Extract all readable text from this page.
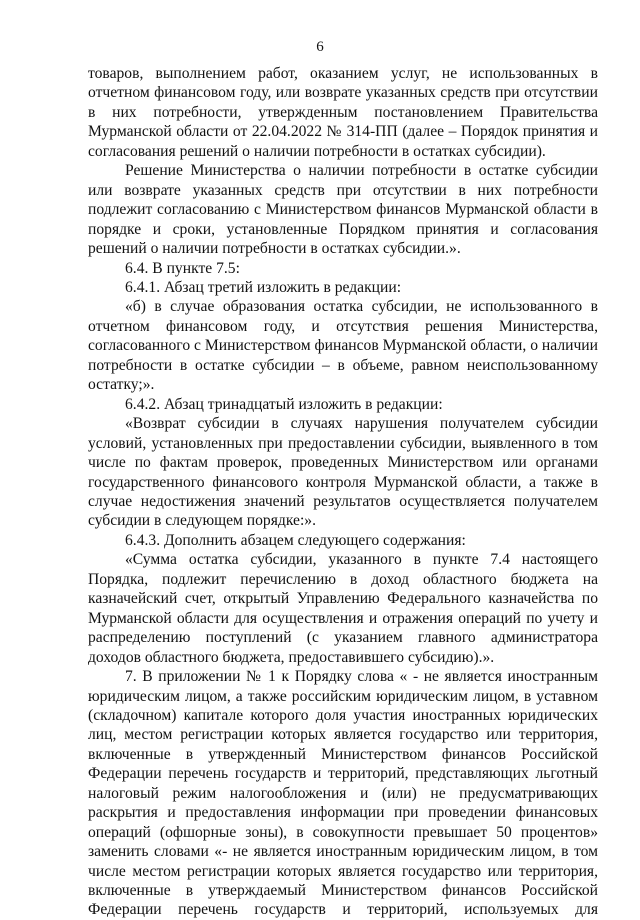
6

товаров, выполнением работ, оказанием услуг, не использованных в отчетном финансовом году, или возврате указанных средств при отсутствии в них потребности, утвержденным постановлением Правительства Мурманской области от 22.04.2022 № 314-ПП (далее – Порядок принятия и согласования решений о наличии потребности в остатках субсидии).

Решение Министерства о наличии потребности в остатке субсидии или возврате указанных средств при отсутствии в них потребности подлежит согласованию с Министерством финансов Мурманской области в порядке и сроки, установленные Порядком принятия и согласования решений о наличии потребности в остатках субсидии.».

6.4. В пункте 7.5:

6.4.1. Абзац третий изложить в редакции:

«б) в случае образования остатка субсидии, не использованного в отчетном финансовом году, и отсутствия решения Министерства, согласованного с Министерством финансов Мурманской области, о наличии потребности в остатке субсидии – в объеме, равном неиспользованному остатку;».

6.4.2. Абзац тринадцатый изложить в редакции:

«Возврат субсидии в случаях нарушения получателем субсидии условий, установленных при предоставлении субсидии, выявленного в том числе по фактам проверок, проведенных Министерством или органами государственного финансового контроля Мурманской области, а также в случае недостижения значений результатов осуществляется получателем субсидии в следующем порядке:».

6.4.3. Дополнить абзацем следующего содержания:

«Сумма остатка субсидии, указанного в пункте 7.4 настоящего Порядка, подлежит перечислению в доход областного бюджета на казначейский счет, открытый Управлению Федерального казначейства по Мурманской области для осуществления и отражения операций по учету и распределению поступлений (с указанием главного администратора доходов областного бюджета, предоставившего субсидию).».

7. В приложении № 1 к Порядку слова « - не является иностранным юридическим лицом, а также российским юридическим лицом, в уставном (складочном) капитале которого доля участия иностранных юридических лиц, местом регистрации которых является государство или территория, включенные в утвержденный Министерством финансов Российской Федерации перечень государств и территорий, представляющих льготный налоговый режим налогообложения и (или) не предусматривающих раскрытия и предоставления информации при проведении финансовых операций (офшорные зоны), в совокупности превышает 50 процентов» заменить словами «- не является иностранным юридическим лицом, в том числе местом регистрации которых является государство или территория, включенные в утверждаемый Министерством финансов Российской Федерации перечень государств и территорий, используемых для
